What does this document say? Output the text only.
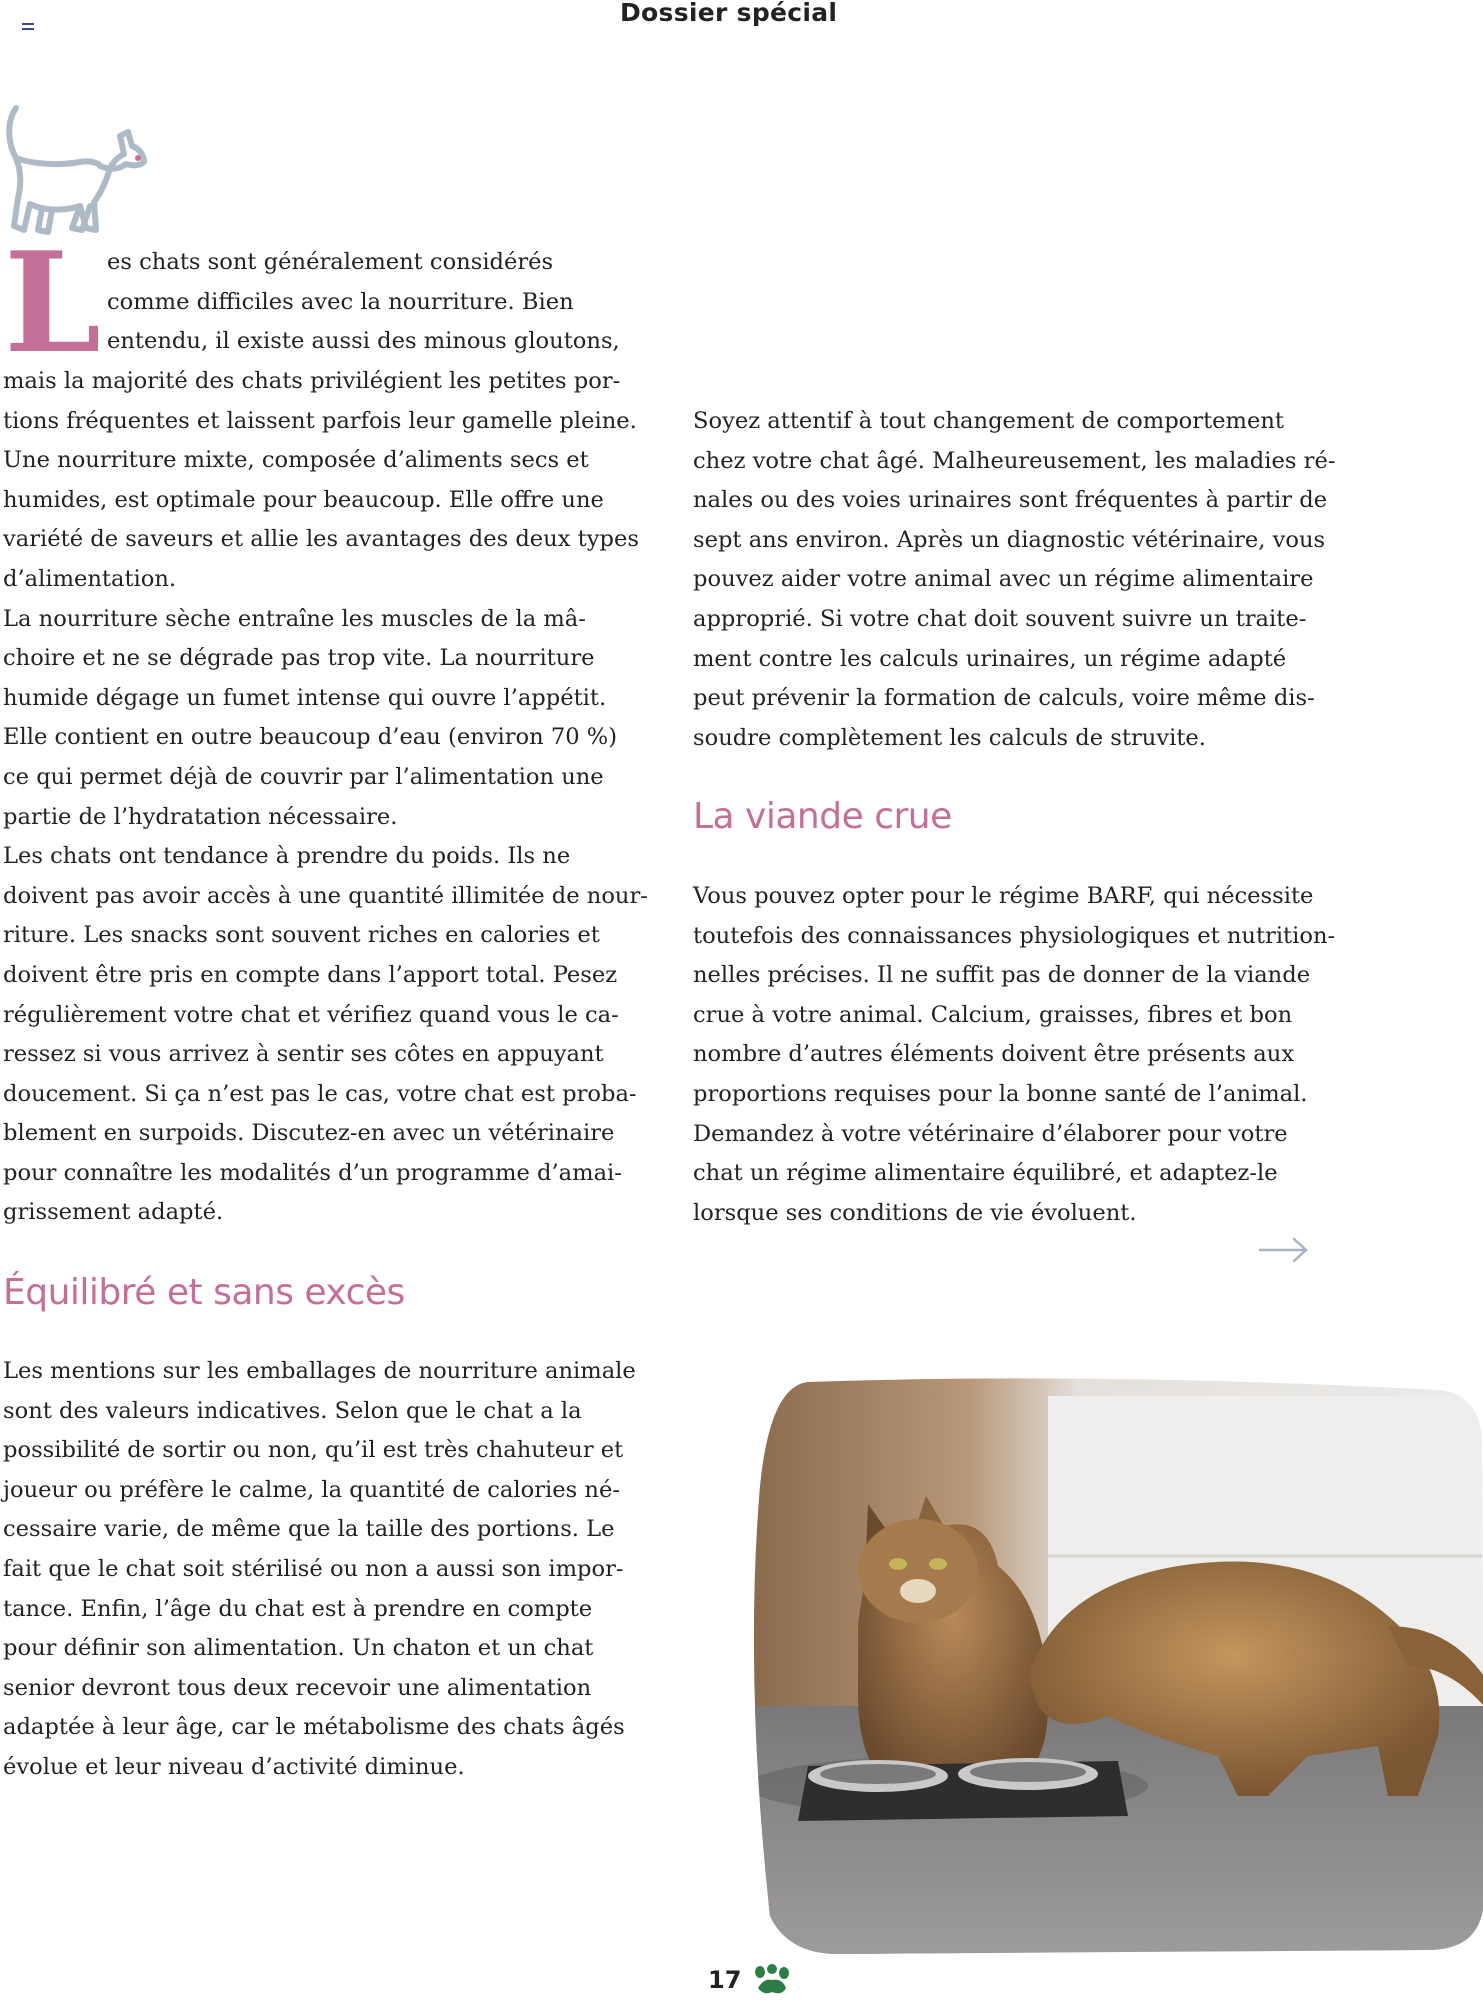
Dossier spécial
L es chats sont généralement considérés

comme difficiles avec la nourriture. Bien

entendu, il existe aussi des minous gloutons,

mais la majorité des chats privilégient les petites por-

tions fréquentes et laissent parfois leur gamelle pleine.

Une nourriture mixte, composée d’aliments secs et

humides, est optimale pour beaucoup. Elle offre une

variété de saveurs et allie les avantages des deux types

d’alimentation.

La nourriture sèche entraîne les muscles de la mâ-

choire et ne se dégrade pas trop vite. La nourriture

humide dégage un fumet intense qui ouvre l’appétit.

Elle contient en outre beaucoup d’eau (environ 70 %)

ce qui permet déjà de couvrir par l’alimentation une

partie de l’hydratation nécessaire.

Les chats ont tendance à prendre du poids. Ils ne

doivent pas avoir accès à une quantité illimitée de nour-

riture. Les snacks sont souvent riches en calories et

doivent être pris en compte dans l’apport total. Pesez

régulièrement votre chat et vérifiez quand vous le ca-

ressez si vous arrivez à sentir ses côtes en appuyant

doucement. Si ça n’est pas le cas, votre chat est proba-

blement en surpoids. Discutez-en avec un vétérinaire

pour connaître les modalités d’un programme d’amai-

grissement adapté.

Équilibré et sans excès

Les mentions sur les emballages de nourriture animale

sont des valeurs indicatives. Selon que le chat a la

possibilité de sortir ou non, qu’il est très chahuteur et

joueur ou préfère le calme, la quantité de calories né-

cessaire varie, de même que la taille des portions. Le

fait que le chat soit stérilisé ou non a aussi son impor-

tance. Enfin, l’âge du chat est à prendre en compte

pour définir son alimentation. Un chaton et un chat

senior devront tous deux recevoir une alimentation

adaptée à leur âge, car le métabolisme des chats âgés

évolue et leur niveau d’activité diminue.

Soyez attentif à tout changement de comportement

chez votre chat âgé. Malheureusement, les maladies ré-

nales ou des voies urinaires sont fréquentes à partir de

sept ans environ. Après un diagnostic vétérinaire, vous

pouvez aider votre animal avec un régime alimentaire

approprié. Si votre chat doit souvent suivre un traite-

ment contre les calculs urinaires, un régime adapté

peut prévenir la formation de calculs, voire même dis-

soudre complètement les calculs de struvite.

La viande crue

Vous pouvez opter pour le régime BARF, qui nécessite

toutefois des connaissances physiologiques et nutrition-

nelles précises. Il ne suffit pas de donner de la viande

crue à votre animal. Calcium, graisses, fibres et bon

nombre d’autres éléments doivent être présents aux

proportions requises pour la bonne santé de l’animal.

Demandez à votre vétérinaire d’élaborer pour votre

chat un régime alimentaire équilibré, et adaptez-le

lorsque ses conditions de vie évoluent.

17
